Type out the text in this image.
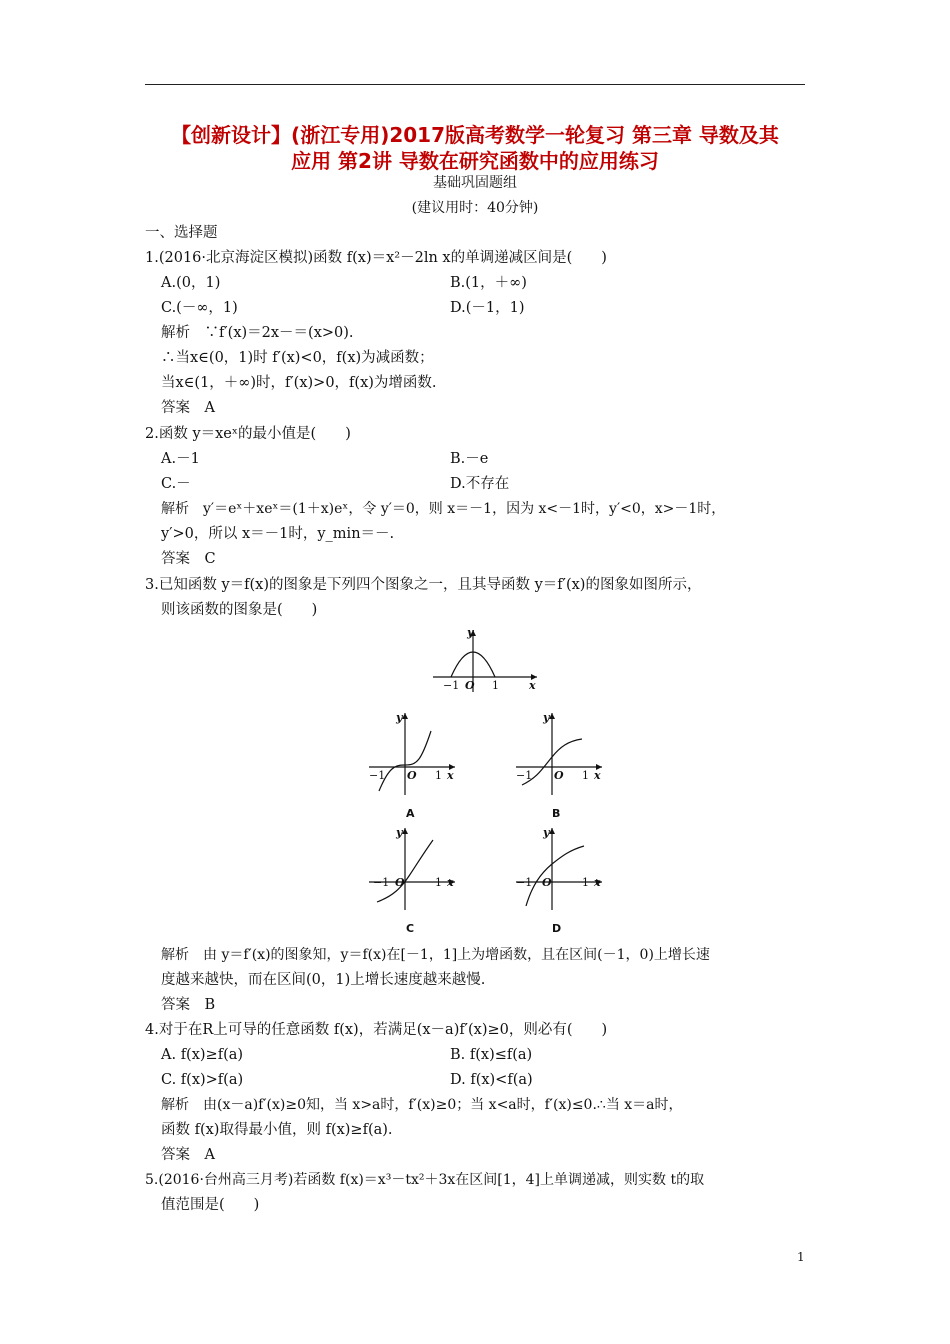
【创新设计】(浙江专用)2017版高考数学一轮复习 第三章 导数及其
应用 第2讲 导数在研究函数中的应用练习
基础巩固题组
(建议用时：40分钟)
一、选择题
1.(2016·北京海淀区模拟)函数 f(x)＝x²－2ln x的单调递减区间是(　　)
A.(0，1)	B.(1，＋∞)
C.(－∞，1)	D.(－1，1)
解析　∵f′(x)＝2x－＝(x>0).
∴当x∈(0，1)时 f′(x)<0，f(x)为减函数；
当x∈(1，＋∞)时，f′(x)>0，f(x)为增函数.
答案　A
2.函数 y＝xeˣ的最小值是(　　)
A.－1	B.－e
C.－	D.不存在
解析　y′＝eˣ＋xeˣ＝(1＋x)eˣ，令 y′＝0，则 x＝－1，因为 x<－1时，y′<0，x>－1时，
y′>0，所以 x＝－1时，y_min＝－.
答案　C
3.已知函数 y＝f(x)的图象是下列四个图象之一，且其导函数 y＝f′(x)的图象如图所示，
则该函数的图象是(　　)
y
x
O
−1	1
y
x
O
−1	1
A
y
x
O
−1	1
B
y
x
O
−1	1
C
y
x
O
−1	1
D
解析　由 y＝f′(x)的图象知，y＝f(x)在[－1，1]上为增函数，且在区间(－1，0)上增长速
度越来越快，而在区间(0，1)上增长速度越来越慢.
答案　B
4.对于在R上可导的任意函数 f(x)，若满足(x－a)f′(x)≥0，则必有(　　)
A. f(x)≥f(a)	B. f(x)≤f(a)
C. f(x)>f(a)	D. f(x)<f(a)
解析　由(x－a)f′(x)≥0知，当 x>a时，f′(x)≥0；当 x<a时，f′(x)≤0.∴当 x＝a时，
函数 f(x)取得最小值，则 f(x)≥f(a).
答案　A
5.(2016·台州高三月考)若函数 f(x)＝x³－tx²＋3x在区间[1，4]上单调递减，则实数 t的取
值范围是(　　)
1
